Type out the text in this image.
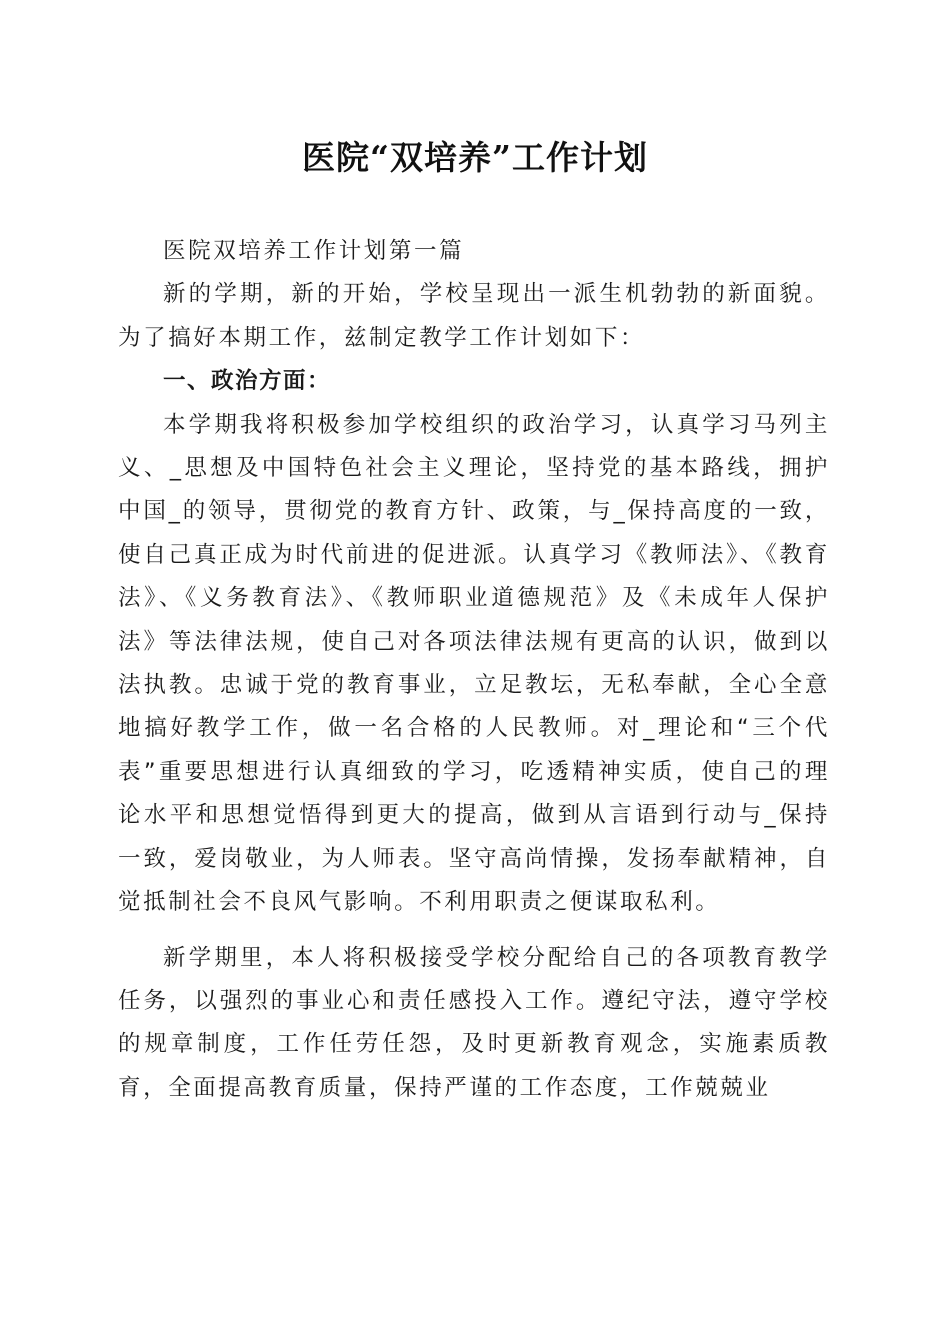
医院“双培养”工作计划

医院双培养工作计划第一篇

新的学期，新的开始，学校呈现出一派生机勃勃的新面貌。为了搞好本期工作，兹制定教学工作计划如下：

一、政治方面：

本学期我将积极参加学校组织的政治学习，认真学习马列主义、_思想及中国特色社会主义理论，坚持党的基本路线，拥护中国_的领导，贯彻党的教育方针、政策，与_保持高度的一致，使自己真正成为时代前进的促进派。认真学习《教师法》、《教育法》、《义务教育法》、《教师职业道德规范》及《未成年人保护法》等法律法规，使自己对各项法律法规有更高的认识，做到以法执教。忠诚于党的教育事业，立足教坛，无私奉献，全心全意地搞好教学工作，做一名合格的人民教师。对_理论和“三个代表”重要思想进行认真细致的学习，吃透精神实质，使自己的理论水平和思想觉悟得到更大的提高，做到从言语到行动与_保持一致，爱岗敬业，为人师表。坚守高尚情操，发扬奉献精神，自觉抵制社会不良风气影响。不利用职责之便谋取私利。

新学期里，本人将积极接受学校分配给自己的各项教育教学任务，以强烈的事业心和责任感投入工作。遵纪守法，遵守学校的规章制度，工作任劳任怨，及时更新教育观念，实施素质教育，全面提高教育质量，保持严谨的工作态度，工作兢兢业
